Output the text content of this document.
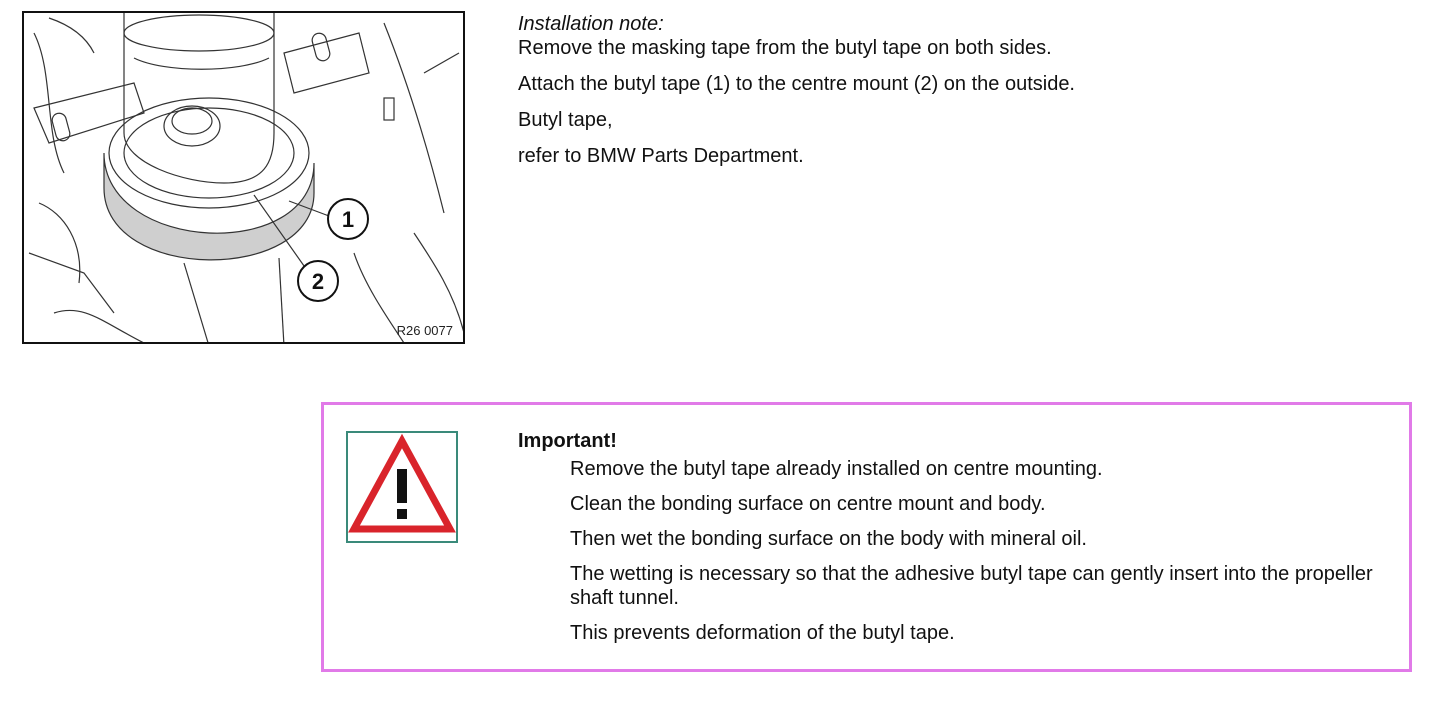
1
2
R26 0077
Installation note:
Remove the masking tape from the butyl tape on both sides.
Attach the butyl tape (1) to the centre mount (2) on the outside.
Butyl tape,
refer to BMW Parts Department.
Important!
Remove the butyl tape already installed on centre mounting.
Clean the bonding surface on centre mount and body.
Then wet the bonding surface on the body with mineral oil.
The wetting is necessary so that the adhesive butyl tape can gently insert into the propeller shaft tunnel.
This prevents deformation of the butyl tape.
